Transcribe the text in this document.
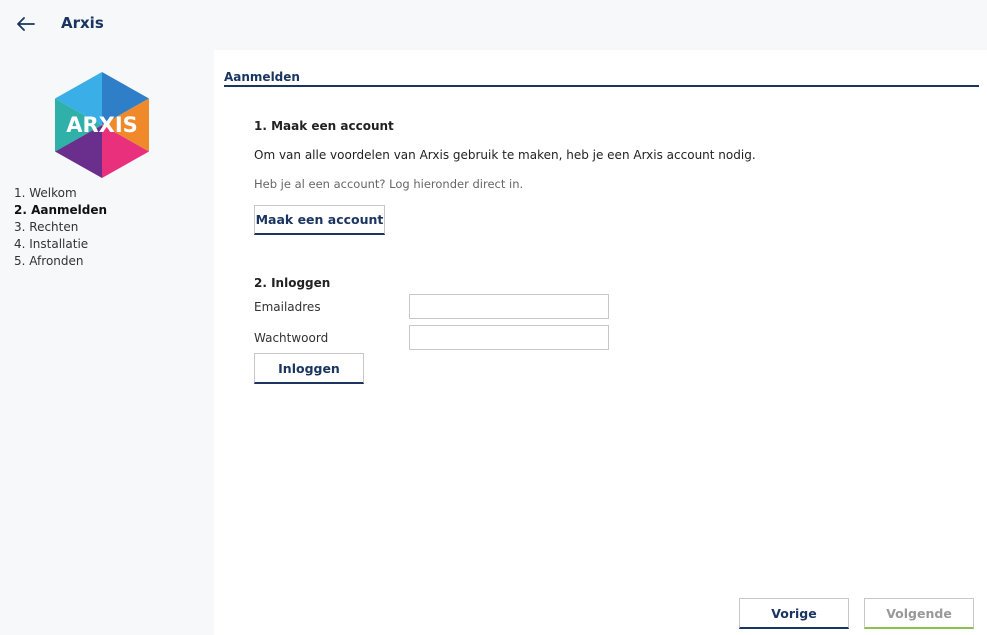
Arxis
ARXIS
1. Welkom
2. Aanmelden
3. Rechten
4. Installatie
5. Afronden
Aanmelden
1. Maak een account
Om van alle voordelen van Arxis gebruik te maken, heb je een Arxis account nodig.
Heb je al een account? Log hieronder direct in.
Maak een account
2. Inloggen
Emailadres
Wachtwoord
Inloggen
Vorige	Volgende
